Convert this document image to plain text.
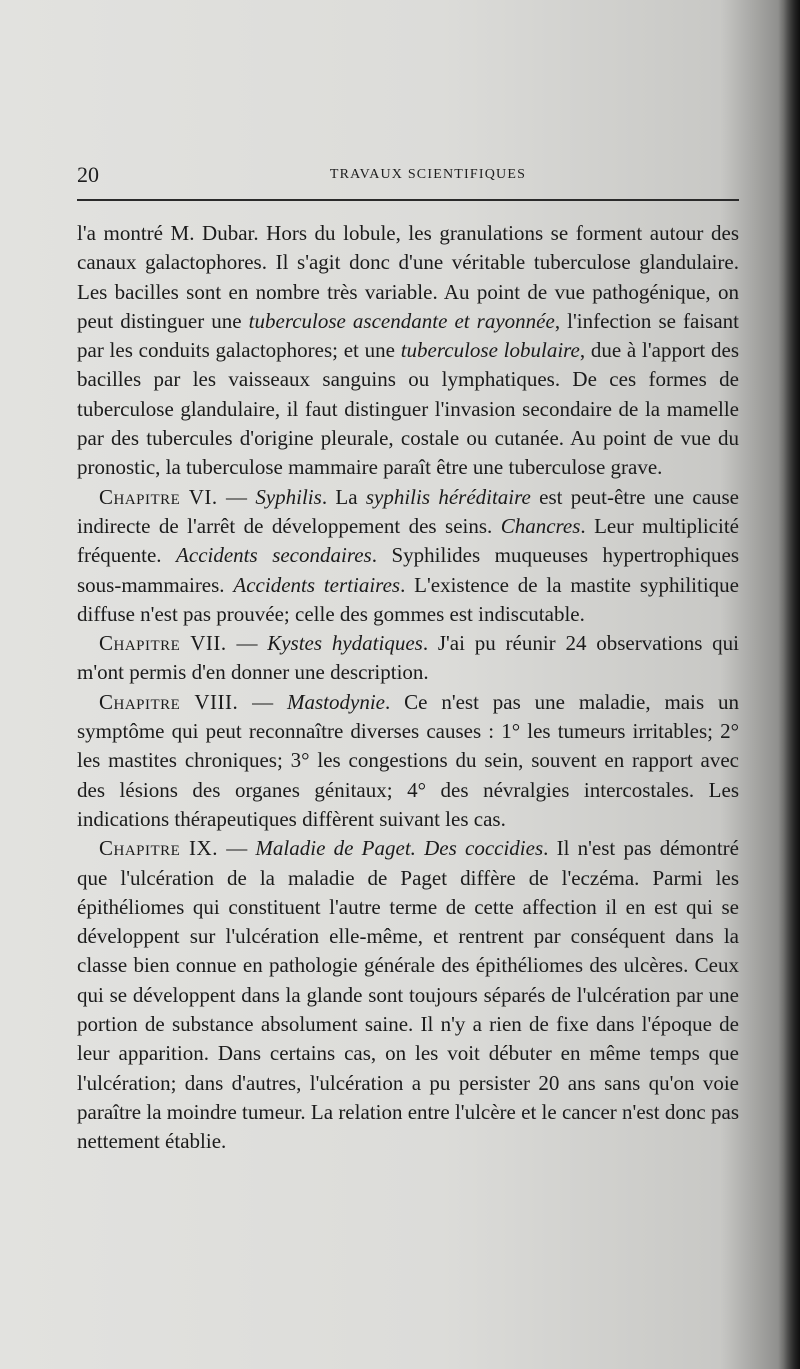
20	TRAVAUX SCIENTIFIQUES

l'a montré M. Dubar. Hors du lobule, les granulations se forment autour des canaux galactophores. Il s'agit donc d'une véritable tuberculose glandulaire. Les bacilles sont en nombre très variable. Au point de vue pathogénique, on peut distinguer une tuberculose ascendante et rayonnée, l'infection se faisant par les conduits galactophores; et une tuberculose lobulaire, due à l'apport des bacilles par les vaisseaux sanguins ou lymphatiques. De ces formes de tuberculose glandulaire, il faut distinguer l'invasion secondaire de la mamelle par des tubercules d'origine pleurale, costale ou cutanée. Au point de vue du pronostic, la tuberculose mammaire paraît être une tuberculose grave.

Chapitre VI. — Syphilis. La syphilis héréditaire est peut-être une cause indirecte de l'arrêt de développement des seins. Chancres. Leur multiplicité fréquente. Accidents secondaires. Syphilides muqueuses hypertrophiques sous-mammaires. Accidents tertiaires. L'existence de la mastite syphilitique diffuse n'est pas prouvée; celle des gommes est indiscutable.

Chapitre VII. — Kystes hydatiques. J'ai pu réunir 24 observations qui m'ont permis d'en donner une description.

Chapitre VIII. — Mastodynie. Ce n'est pas une maladie, mais un symptôme qui peut reconnaître diverses causes : 1° les tumeurs irritables; 2° les mastites chroniques; 3° les congestions du sein, souvent en rapport avec des lésions des organes génitaux; 4° des névralgies intercostales. Les indications thérapeutiques diffèrent suivant les cas.

Chapitre IX. — Maladie de Paget. Des coccidies. Il n'est pas démontré que l'ulcération de la maladie de Paget diffère de l'eczéma. Parmi les épithéliomes qui constituent l'autre terme de cette affection il en est qui se développent sur l'ulcération elle-même, et rentrent par conséquent dans la classe bien connue en pathologie générale des épithéliomes des ulcères. Ceux qui se développent dans la glande sont toujours séparés de l'ulcération par une portion de substance absolument saine. Il n'y a rien de fixe dans l'époque de leur apparition. Dans certains cas, on les voit débuter en même temps que l'ulcération; dans d'autres, l'ulcération a pu persister 20 ans sans qu'on voie paraître la moindre tumeur. La relation entre l'ulcère et le cancer n'est donc pas nettement établie.
